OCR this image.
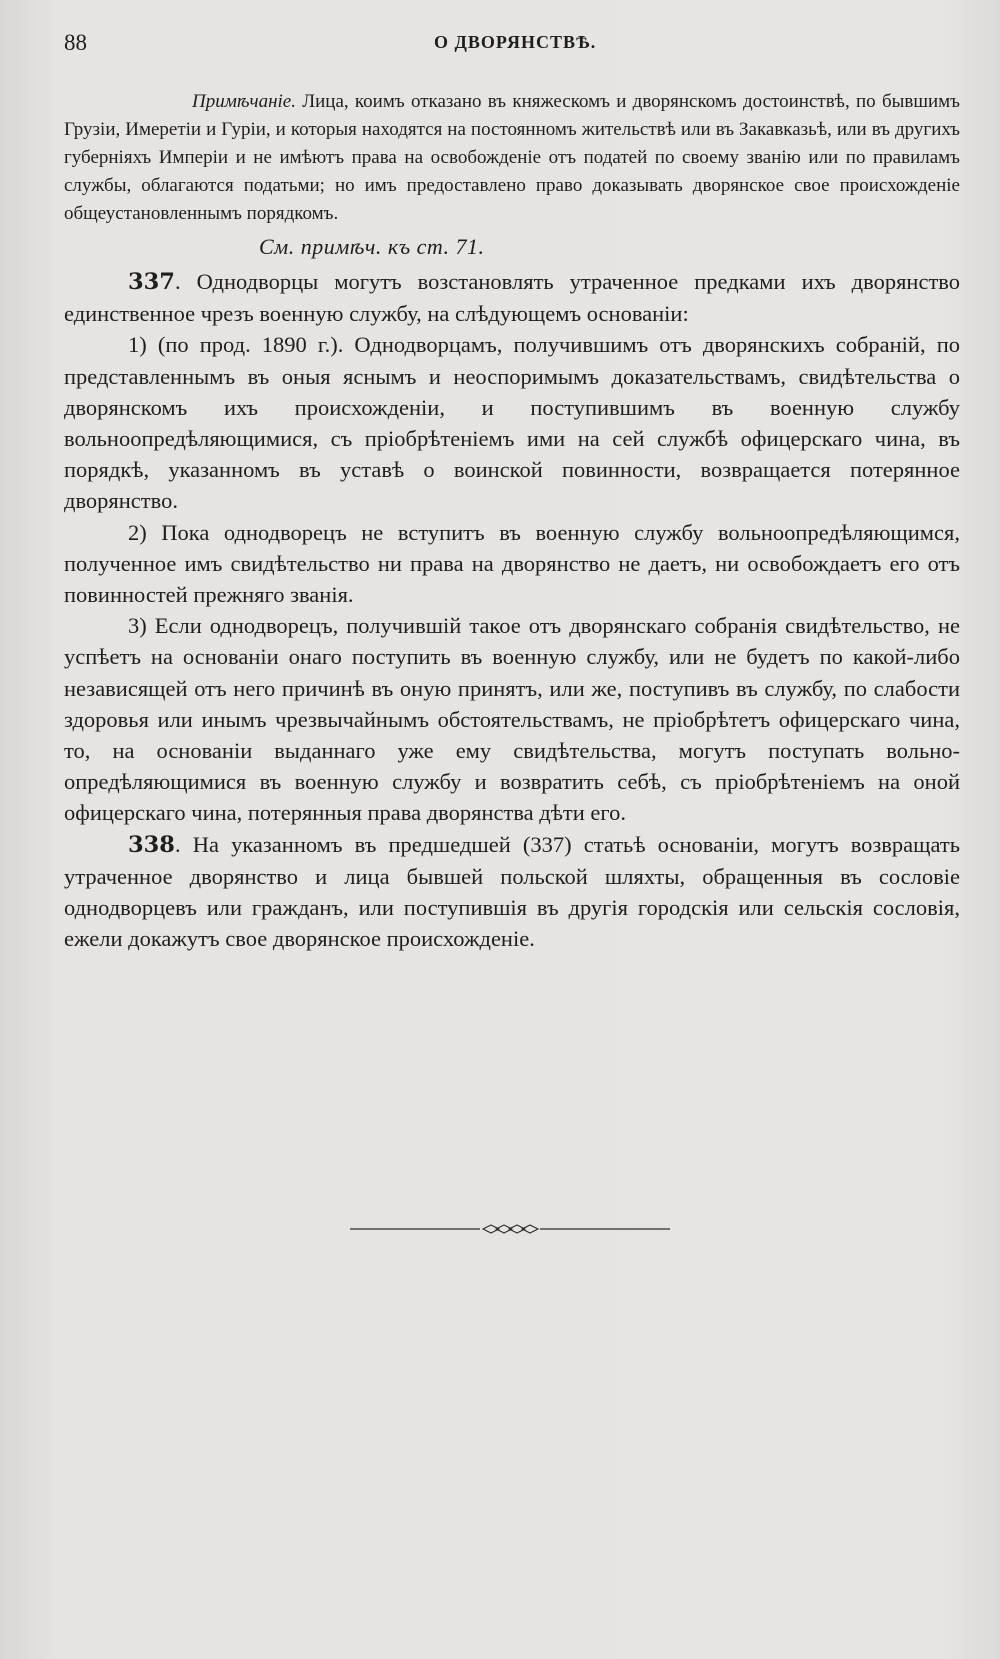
88	О ДВОРЯНСТВѢ.

Примѣчаніе. Лица, коимъ отказано въ княжескомъ и дворянскомъ достоинствѣ, по бывшимъ Грузіи, Имеретіи и Гуріи, и которыя находятся на постоянномъ жительствѣ или въ Закавказьѣ, или въ другихъ губерніяхъ Имперіи и не имѣютъ права на освобожденіе отъ податей по своему званію или по правиламъ службы, облагаются податьми; но имъ предоставлено право доказывать дворянское свое происхожденіе общеустановленнымъ порядкомъ.

См. примѣч. къ ст. 71.

337. Однодворцы могутъ возстановлять утраченное предками ихъ дворянство единственное чрезъ военную службу, на слѣдующемъ основаніи:

1) (по прод. 1890 г.). Однодворцамъ, получившимъ отъ дворянскихъ собраній, по представленнымъ въ оныя яснымъ и неоспоримымъ доказательствамъ, свидѣтельства о дворянскомъ ихъ происхожденіи, и поступившимъ въ военную службу вольноопредѣляющимися, съ пріобрѣтеніемъ ими на сей службѣ офицерскаго чина, въ порядкѣ, указанномъ въ уставѣ о воинской повинности, возвращается потерянное дворянство.

2) Пока однодворецъ не вступитъ въ военную службу вольноопредѣляющимся, полученное имъ свидѣтельство ни права на дворянство не даетъ, ни освобождаетъ его отъ повинностей прежняго званія.

3) Если однодворецъ, получившій такое отъ дворянскаго собранія свидѣтельство, не успѣетъ на основаніи онаго поступить въ военную службу, или не будетъ по какой-либо независящей отъ него причинѣ въ оную принятъ, или же, поступивъ въ службу, по слабости здоровья или инымъ чрезвычайнымъ обстоятельствамъ, не пріобрѣтетъ офицерскаго чина, то, на основаніи выданнаго уже ему свидѣтельства, могутъ поступать вольно-опредѣляющимися въ военную службу и возвратить себѣ, съ пріобрѣтеніемъ на оной офицерскаго чина, потерянныя права дворянства дѣти его.

338. На указанномъ въ предшедшей (337) статьѣ основаніи, могутъ возвращать утраченное дворянство и лица бывшей польской шляхты, обращенныя въ сословіе однодворцевъ или гражданъ, или поступившія въ другія городскія или сельскія сословія, ежели докажутъ свое дворянское происхожденіе.
